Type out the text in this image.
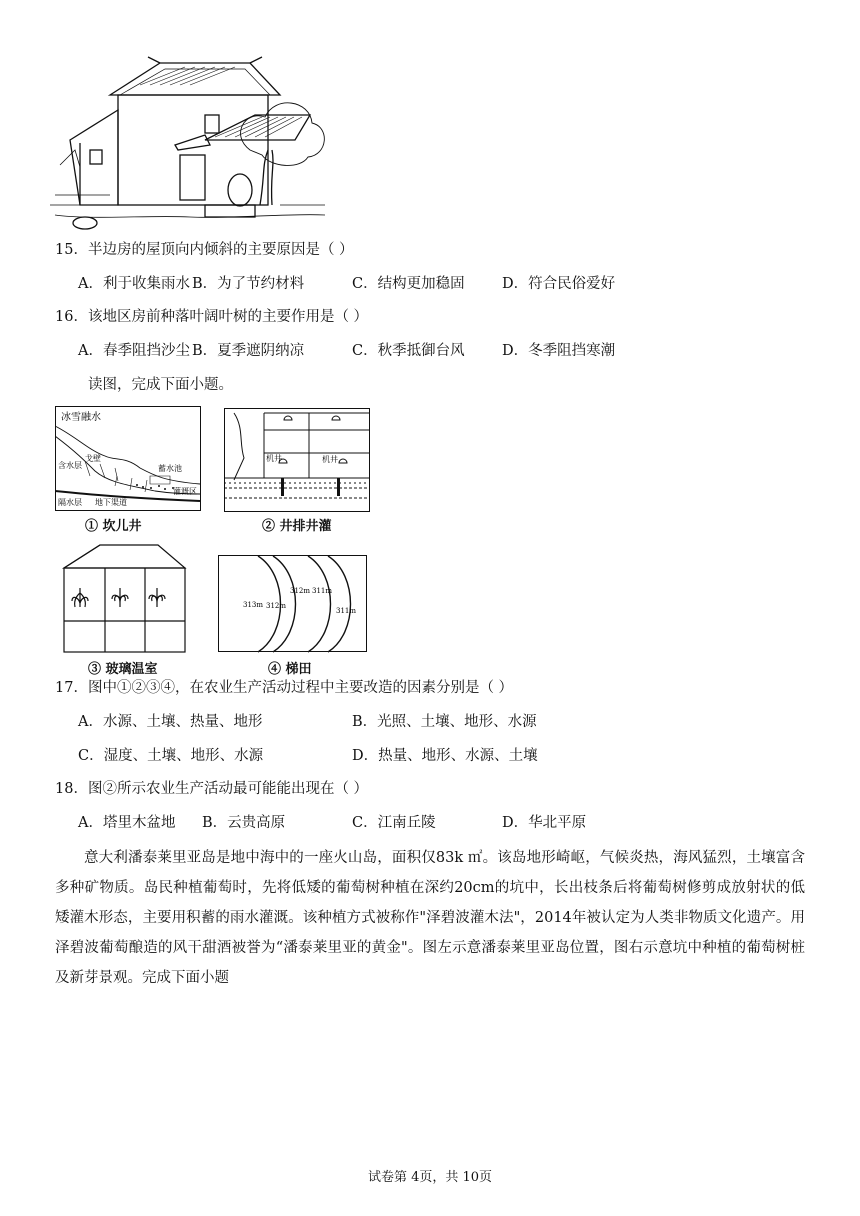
15．半边房的屋顶向内倾斜的主要原因是（ ）
A．利于收集雨水 B．为了节约材料	C．结构更加稳固	D．符合民俗爱好
16．该地区房前种落叶阔叶树的主要作用是（ ）
A．春季阻挡沙尘 B．夏季遮阴纳凉	C．秋季抵御台风	D．冬季阻挡寒潮
读图，完成下面小题。
冰雪融水
戈壁
含水层	蓄水池
灌溉区
隔水层 地下渠道
① 坎儿井
机井	机井
② 井排井灌
③ 玻璃温室
313m 312m
312m 311m
311m
④ 梯田
17．图中①②③④，在农业生产活动过程中主要改造的因素分别是（ ）
A．水源、土壤、热量、地形	B．光照、土壤、地形、水源
C．湿度、土壤、地形、水源	D．热量、地形、水源、土壤
18．图②所示农业生产活动最可能能出现在（ ）
A．塔里木盆地 B．云贵高原	C．江南丘陵	D．华北平原
意大利潘泰莱里亚岛是地中海中的一座火山岛，面积仅83k ㎡。该岛地形崎岖，气候炎热，海风猛烈，土壤富含多种矿物质。岛民种植葡萄时，先将低矮的葡萄树种植在深约20cm的坑中，长出枝条后将葡萄树修剪成放射状的低矮灌木形态，主要用积蓄的雨水灌溉。该种植方式被称作"泽碧波灌木法"，2014年被认定为人类非物质文化遗产。用泽碧波葡萄酿造的风干甜酒被誉为“潘泰莱里亚的黄金"。图左示意潘泰莱里亚岛位置，图右示意坑中种植的葡萄树桩及新芽景观。完成下面小题
试卷第 4页，共 10页
